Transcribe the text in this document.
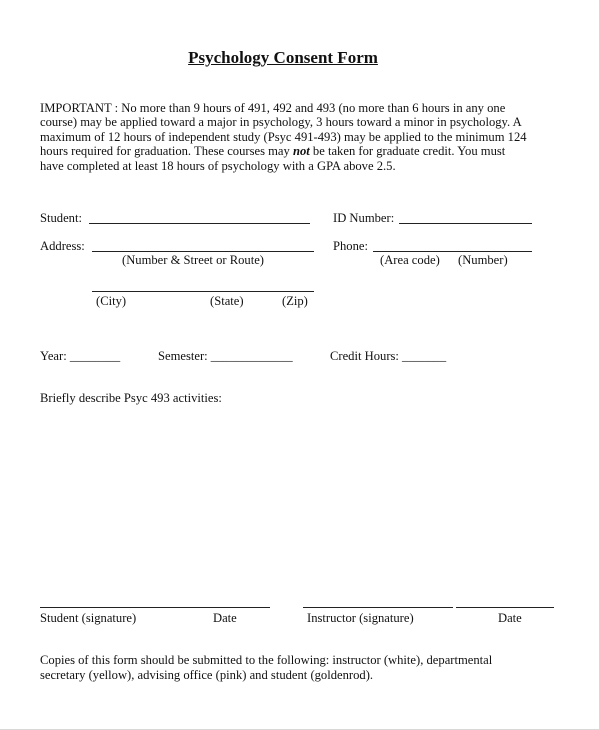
Psychology Consent Form
IMPORTANT : No more than 9 hours of 491, 492 and 493 (no more than 6 hours in any one
course) may be applied toward a major in psychology, 3 hours toward a minor in psychology. A
maximum of 12 hours of independent study (Psyc 491-493) may be applied to the minimum 124
hours required for graduation. These courses may not be taken for graduate credit. You must
have completed at least 18 hours of psychology with a GPA above 2.5.
Student:	ID Number:
Address:	Phone:
(Number & Street or Route)	(Area code) (Number)
(City)	(State)	(Zip)
Year: ________	Semester: _____________	Credit Hours: _______
Briefly describe Psyc 493 activities:
Student (signature)	Date	Instructor (signature)	Date
Copies of this form should be submitted to the following: instructor (white), departmental
secretary (yellow), advising office (pink) and student (goldenrod).
